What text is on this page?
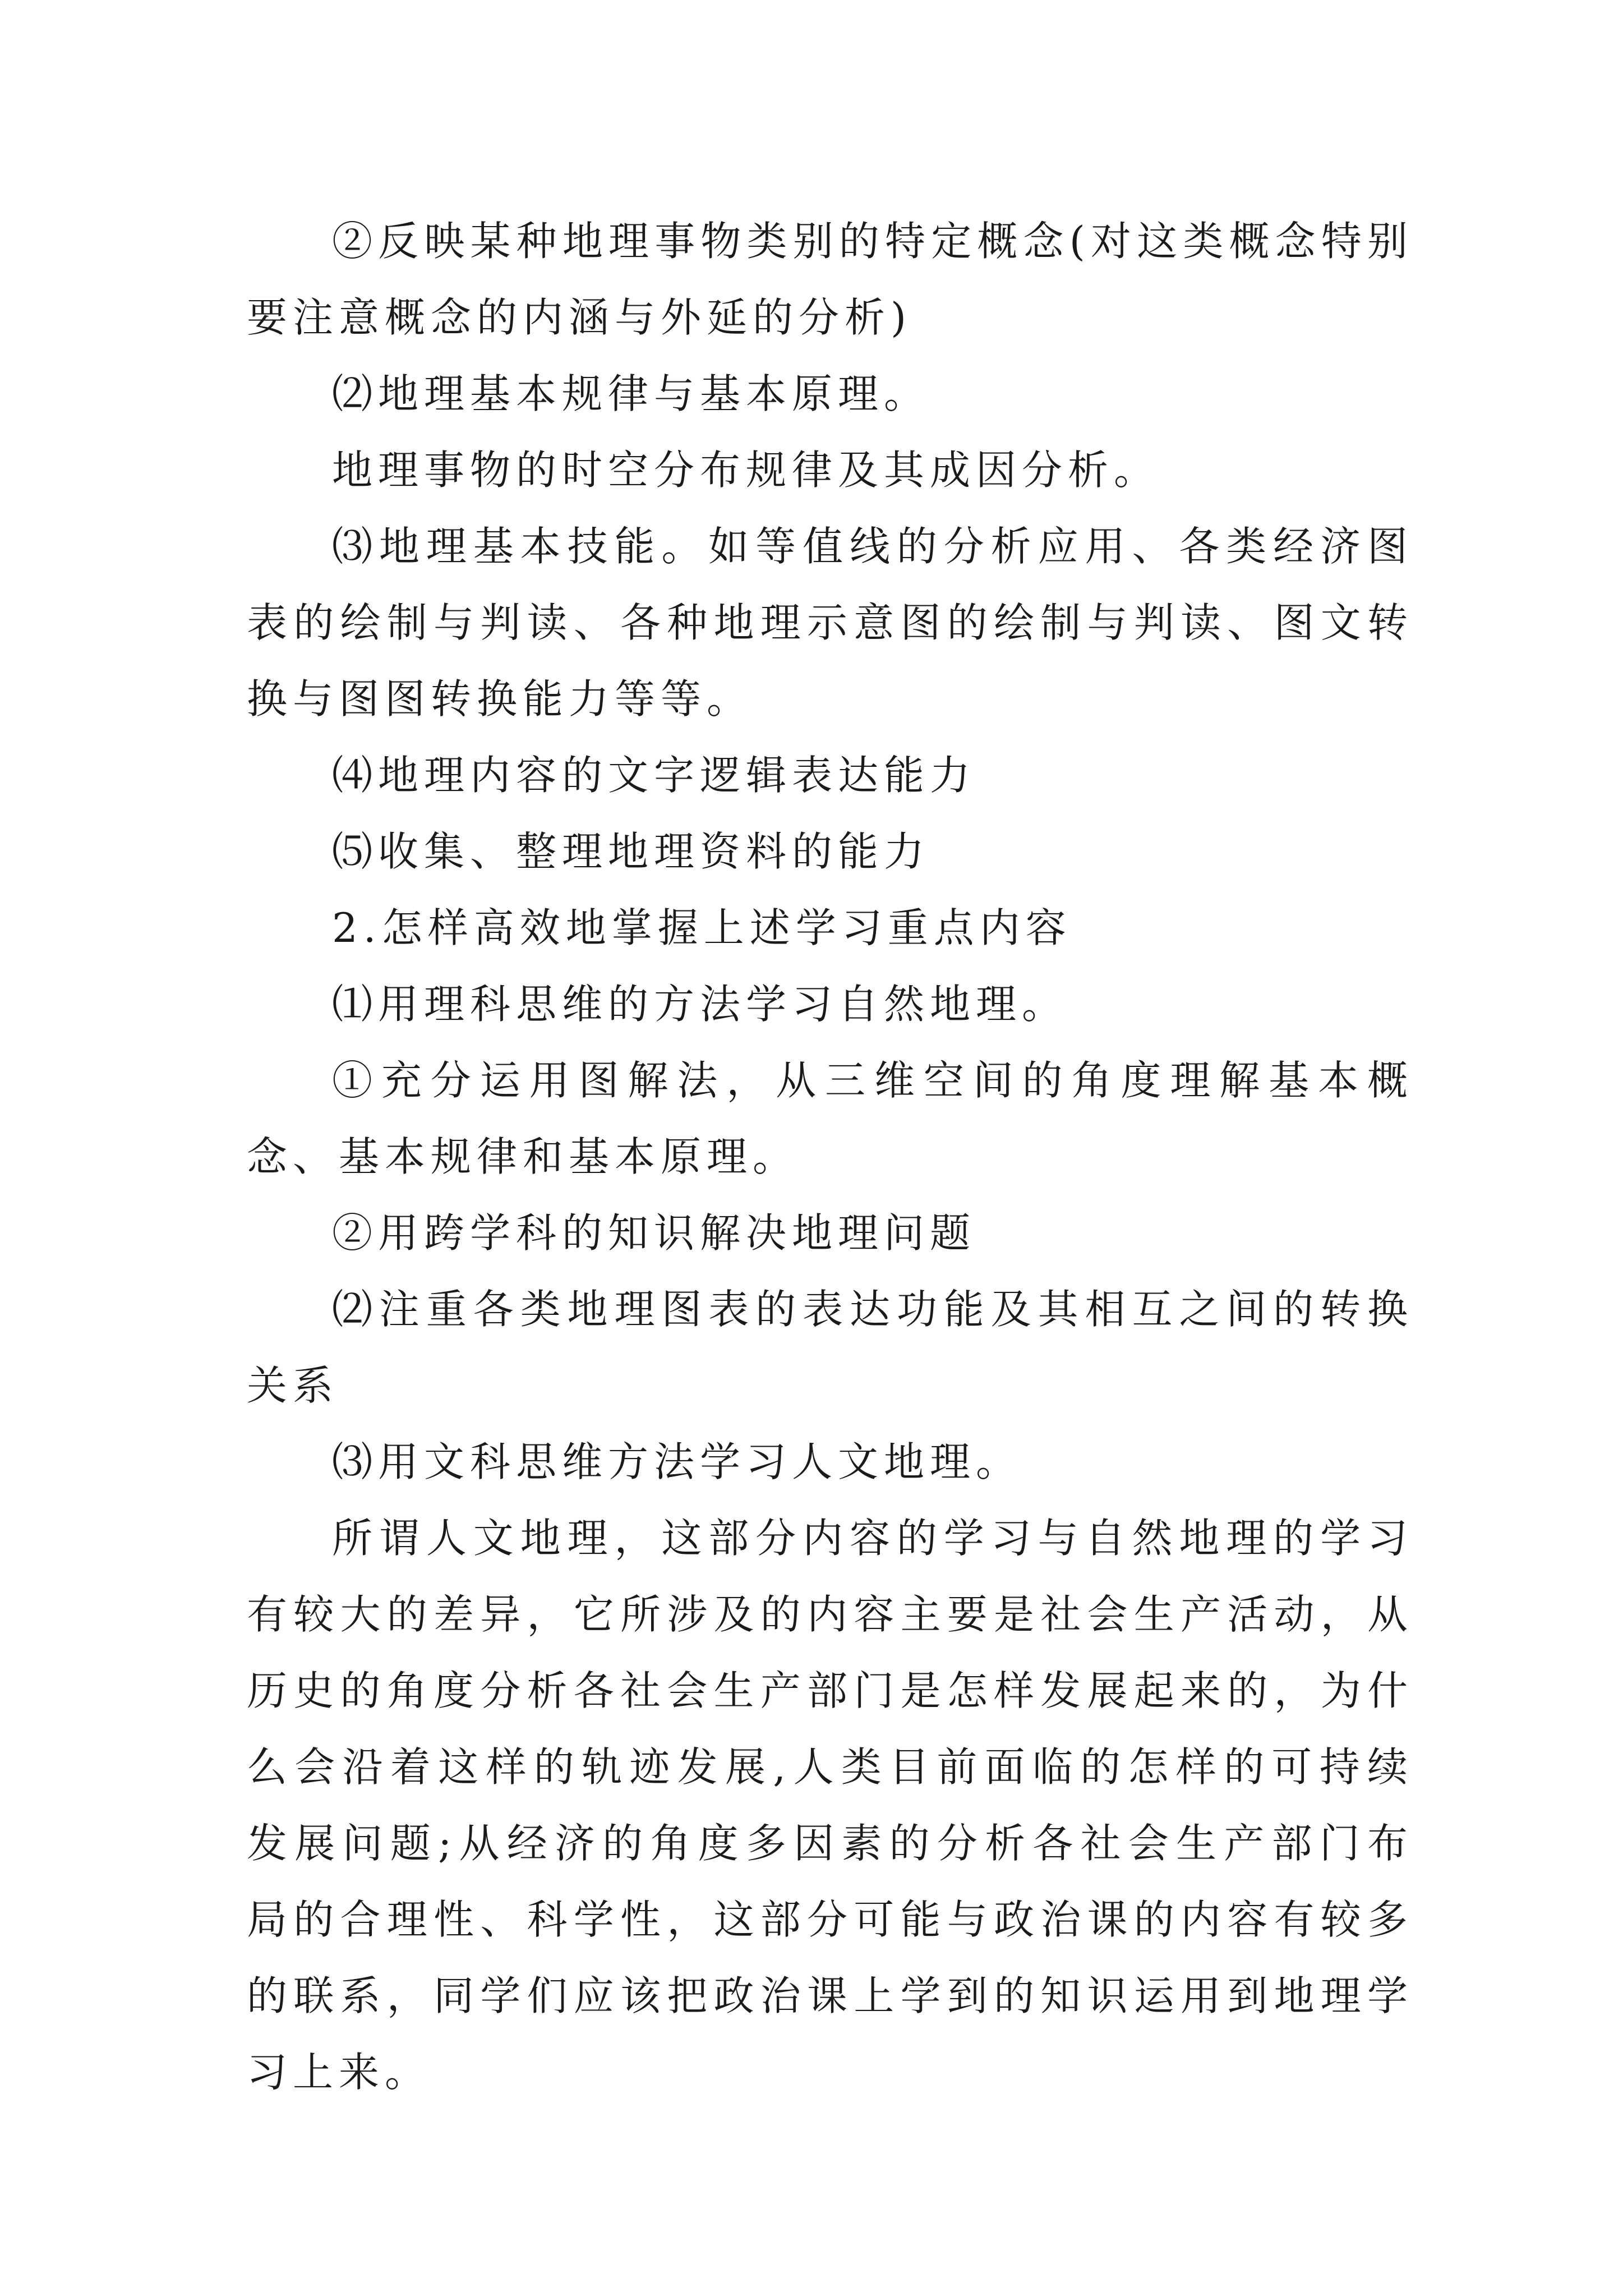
②反映某种地理事物类别的特定概念(对这类概念特别要注意概念的内涵与外延的分析)

⑵地理基本规律与基本原理。

地理事物的时空分布规律及其成因分析。

⑶地理基本技能。如等值线的分析应用、各类经济图表的绘制与判读、各种地理示意图的绘制与判读、图文转换与图图转换能力等等。

⑷地理内容的文字逻辑表达能力

⑸收集、整理地理资料的能力

2.怎样高效地掌握上述学习重点内容

⑴用理科思维的方法学习自然地理。

①充分运用图解法，从三维空间的角度理解基本概念、基本规律和基本原理。

②用跨学科的知识解决地理问题

⑵注重各类地理图表的表达功能及其相互之间的转换关系

⑶用文科思维方法学习人文地理。

所谓人文地理，这部分内容的学习与自然地理的学习有较大的差异，它所涉及的内容主要是社会生产活动，从历史的角度分析各社会生产部门是怎样发展起来的，为什么会沿着这样的轨迹发展,人类目前面临的怎样的可持续发展问题;从经济的角度多因素的分析各社会生产部门布局的合理性、科学性，这部分可能与政治课的内容有较多的联系，同学们应该把政治课上学到的知识运用到地理学习上来。
